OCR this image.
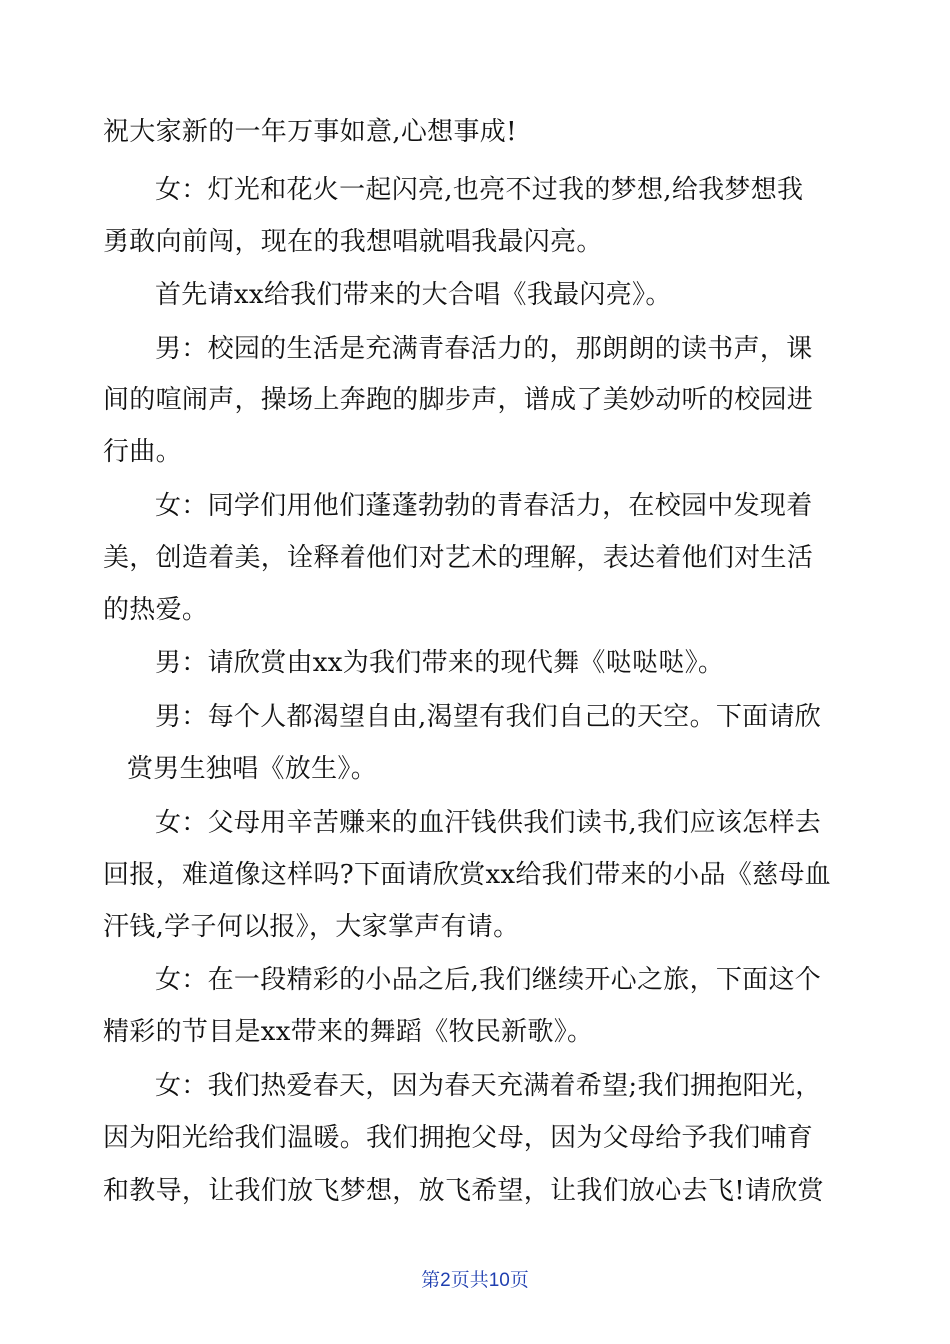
祝大家新的一年万事如意,心想事成!
女：灯光和花火一起闪亮,也亮不过我的梦想,给我梦想我
勇敢向前闯，现在的我想唱就唱我最闪亮。
首先请xx给我们带来的大合唱《我最闪亮》。
男：校园的生活是充满青春活力的，那朗朗的读书声，课
间的喧闹声，操场上奔跑的脚步声，谱成了美妙动听的校园进
行曲。
女：同学们用他们蓬蓬勃勃的青春活力，在校园中发现着
美，创造着美，诠释着他们对艺术的理解，表达着他们对生活
的热爱。
男：请欣赏由xx为我们带来的现代舞《哒哒哒》。
男：每个人都渴望自由,渴望有我们自己的天空。下面请欣
赏男生独唱《放生》。
女：父母用辛苦赚来的血汗钱供我们读书,我们应该怎样去
回报，难道像这样吗?下面请欣赏xx给我们带来的小品《慈母血
汗钱,学子何以报》，大家掌声有请。
女：在一段精彩的小品之后,我们继续开心之旅，下面这个
精彩的节目是xx带来的舞蹈《牧民新歌》。
女：我们热爱春天，因为春天充满着希望;我们拥抱阳光，
因为阳光给我们温暖。我们拥抱父母，因为父母给予我们哺育
和教导，让我们放飞梦想，放飞希望，让我们放心去飞!请欣赏
第2页共10页
